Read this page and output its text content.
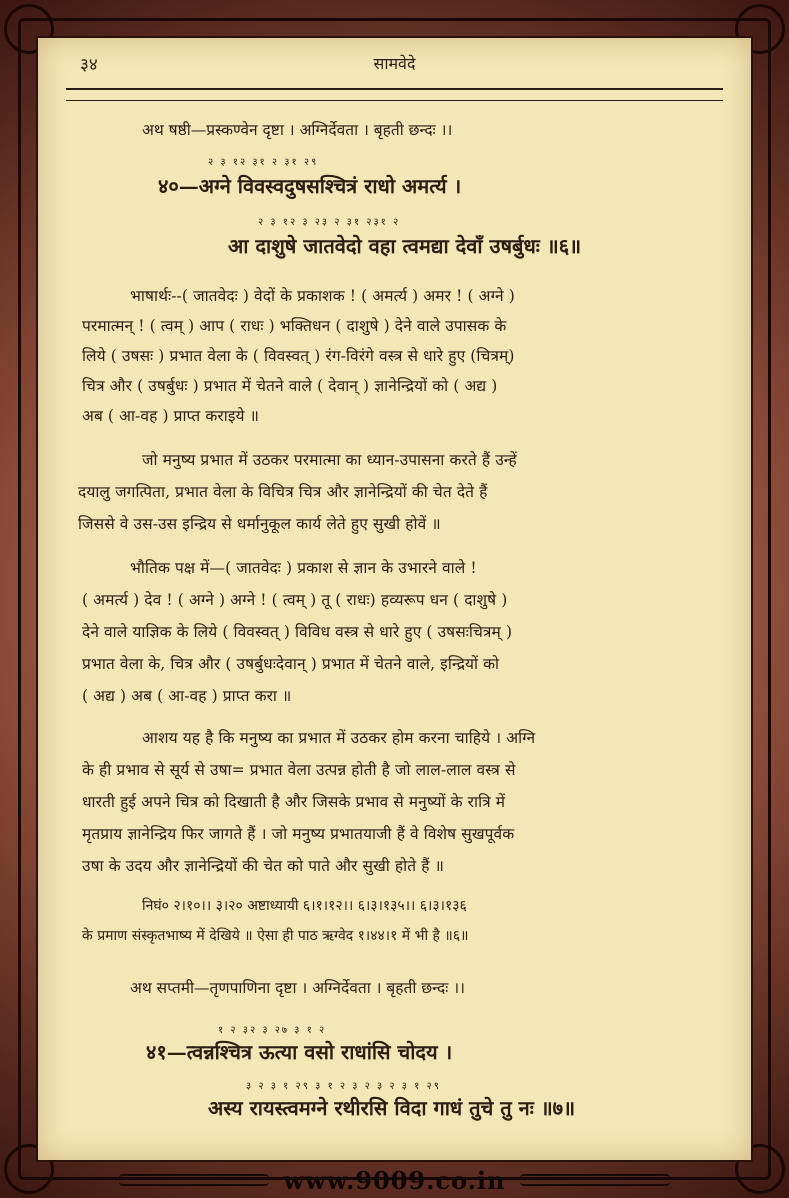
३४	सामवेदे
अथ षष्ठी—प्रस्कण्वेन दृष्टा । अग्निर्देवता । बृहती छन्दः ।।
२ ३ १२ ३१ २ ३१ २९
४०—अग्ने विवस्वदुषसश्चित्रं राधो अमर्त्य ।
२ ३ १२ ३ २३ २ ३१ २३१ २
आ दाशुषे जातवेदो वहा त्वमद्या देवाँ उषर्बुधः ॥६॥
भाषार्थः--( जातवेदः ) वेदों के प्रकाशक ! ( अमर्त्य ) अमर ! ( अग्ने )
परमात्मन् ! ( त्वम् ) आप ( राधः ) भक्तिधन ( दाशुषे ) देने वाले उपासक के
लिये ( उषसः ) प्रभात वेला के ( विवस्वत् ) रंग-विरंगे वस्त्र से धारे हुए (चित्रम्)
चित्र और ( उषर्बुधः ) प्रभात में चेतने वाले ( देवान् ) ज्ञानेन्द्रियों को ( अद्य )
अब ( आ-वह ) प्राप्त कराइये ॥
जो मनुष्य प्रभात में उठकर परमात्मा का ध्यान-उपासना करते हैं उन्हें
दयालु जगत्पिता, प्रभात वेला के विचित्र चित्र और ज्ञानेन्द्रियों की चेत देते हैं
जिससे वे उस-उस इन्द्रिय से धर्मानुकूल कार्य लेते हुए सुखी होवें ॥
भौतिक पक्ष में—( जातवेदः ) प्रकाश से ज्ञान के उभारने वाले !
( अमर्त्य ) देव ! ( अग्ने ) अग्ने ! ( त्वम् ) तू ( राधः) हव्यरूप धन ( दाशुषे )
देने वाले याज्ञिक के लिये ( विवस्वत् ) विविध वस्त्र से धारे हुए ( उषसःचित्रम् )
प्रभात वेला के, चित्र और ( उषर्बुधःदेवान् ) प्रभात में चेतने वाले, इन्द्रियों को
( अद्य ) अब ( आ-वह ) प्राप्त करा ॥
आशय यह है कि मनुष्य का प्रभात में उठकर होम करना चाहिये । अग्नि
के ही प्रभाव से सूर्य से उषा= प्रभात वेला उत्पन्न होती है जो लाल-लाल वस्त्र से
धारती हुई अपने चित्र को दिखाती है और जिसके प्रभाव से मनुष्यों के रात्रि में
मृतप्राय ज्ञानेन्द्रिय फिर जागते हैं । जो मनुष्य प्रभातयाजी हैं वे विशेष सुखपूर्वक
उषा के उदय और ज्ञानेन्द्रियों की चेत को पाते और सुखी होते हैं ॥
निघं० २।१०।। ३।२० अष्टाध्यायी ६।१।१२।। ६।३।१३५।। ६।३।१३६
के प्रमाण संस्कृतभाष्य में देखिये ॥ ऐसा ही पाठ ऋग्वेद १।४४।१ में भी है ॥६॥
अथ सप्तमी—तृणपाणिना दृष्टा । अग्निर्देवता । बृहती छन्दः ।।
१ २ ३२ ३ २७ ३ १ २
४१—त्वन्नश्चित्र ऊत्या वसो राधांसि चोदय ।
३ २ ३ १ २९ ३ १ २ ३ २ ३ २ ३ १ २९
अस्य रायस्त्वमग्ने रथीरसि विदा गाधं तुचे तु नः ॥७॥
www.9009.co.in
